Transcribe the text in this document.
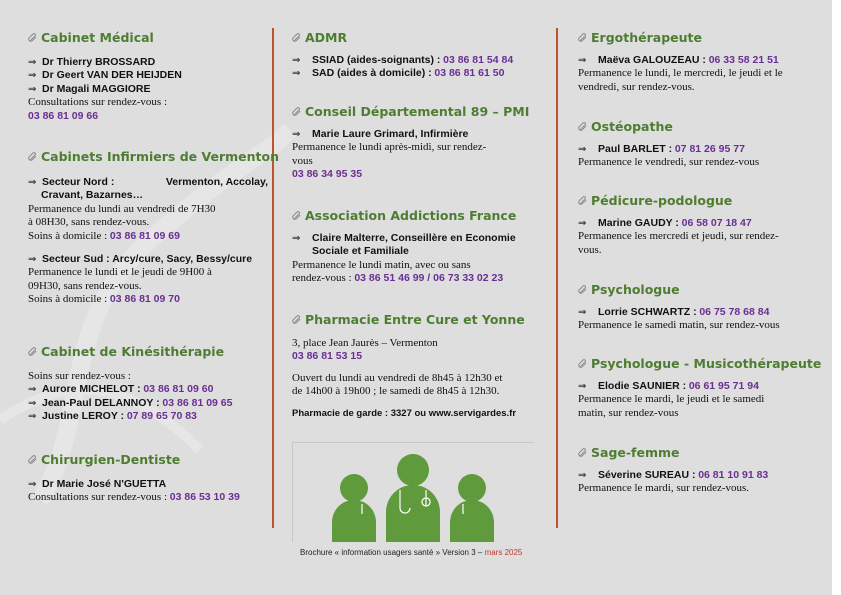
Cabinet Médical
⇒ Dr Thierry BROSSARD
⇒ Dr Geert VAN DER HEIJDEN
⇒ Dr Magali MAGGIORE
Consultations sur rendez-vous :
03 86 81 09 66
Cabinets Infirmiers de Vermenton
⇒ Secteur Nord :	Vermenton, Accolay,
Cravant, Bazarnes…
Permanence du lundi au vendredi de 7H30
à 08H30, sans rendez-vous.
Soins à domicile : 03 86 81 09 69
⇒ Secteur Sud : Arcy/cure, Sacy, Bessy/cure
Permanence le lundi et le jeudi de 9H00 à
09H30, sans rendez-vous.
Soins à domicile : 03 86 81 09 70
Cabinet de Kinésithérapie
Soins sur rendez-vous :
⇒ Aurore MICHELOT : 03 86 81 09 60
⇒ Jean-Paul DELANNOY : 03 86 81 09 65
⇒ Justine LEROY : 07 89 65 70 83
Chirurgien-Dentiste
⇒ Dr Marie José N'GUETTA
Consultations sur rendez-vous : 03 86 53 10 39
ADMR
⇒ SSIAD (aides-soignants) : 03 86 81 54 84
⇒ SAD (aides à domicile) : 03 86 81 61 50
Conseil Départemental 89 – PMI
⇒ Marie Laure Grimard, Infirmière
Permanence le lundi après-midi, sur rendez-
vous
03 86 34 95 35
Association Addictions France
⇒ Claire Malterre, Conseillère en Economie
Sociale et Familiale
Permanence le lundi matin, avec ou sans
rendez-vous : 03 86 51 46 99 / 06 73 33 02 23
Pharmacie Entre Cure et Yonne
3, place Jean Jaurès – Vermenton
03 86 81 53 15
Ouvert du lundi au vendredi de 8h45 à 12h30 et
de 14h00 à 19h00 ; le samedi de 8h45 à 12h30.
Pharmacie de garde : 3327 ou www.servigardes.fr
Brochure « information usagers santé » Version 3 – mars 2025
Ergothérapeute
⇒ Maëva GALOUZEAU : 06 33 58 21 51
Permanence le lundi, le mercredi, le jeudi et le
vendredi, sur rendez-vous.
Ostéopathe
⇒ Paul BARLET : 07 81 26 95 77
Permanence le vendredi, sur rendez-vous
Pédicure-podologue
⇒ Marine GAUDY : 06 58 07 18 47
Permanence les mercredi et jeudi, sur rendez-
vous.
Psychologue
⇒ Lorrie SCHWARTZ : 06 75 78 68 84
Permanence le samedi matin, sur rendez-vous
Psychologue - Musicothérapeute
⇒ Elodie SAUNIER : 06 61 95 71 94
Permanence le mardi, le jeudi et le samedi
matin, sur rendez-vous
Sage-femme
⇒ Séverine SUREAU : 06 81 10 91 83
Permanence le mardi, sur rendez-vous.
